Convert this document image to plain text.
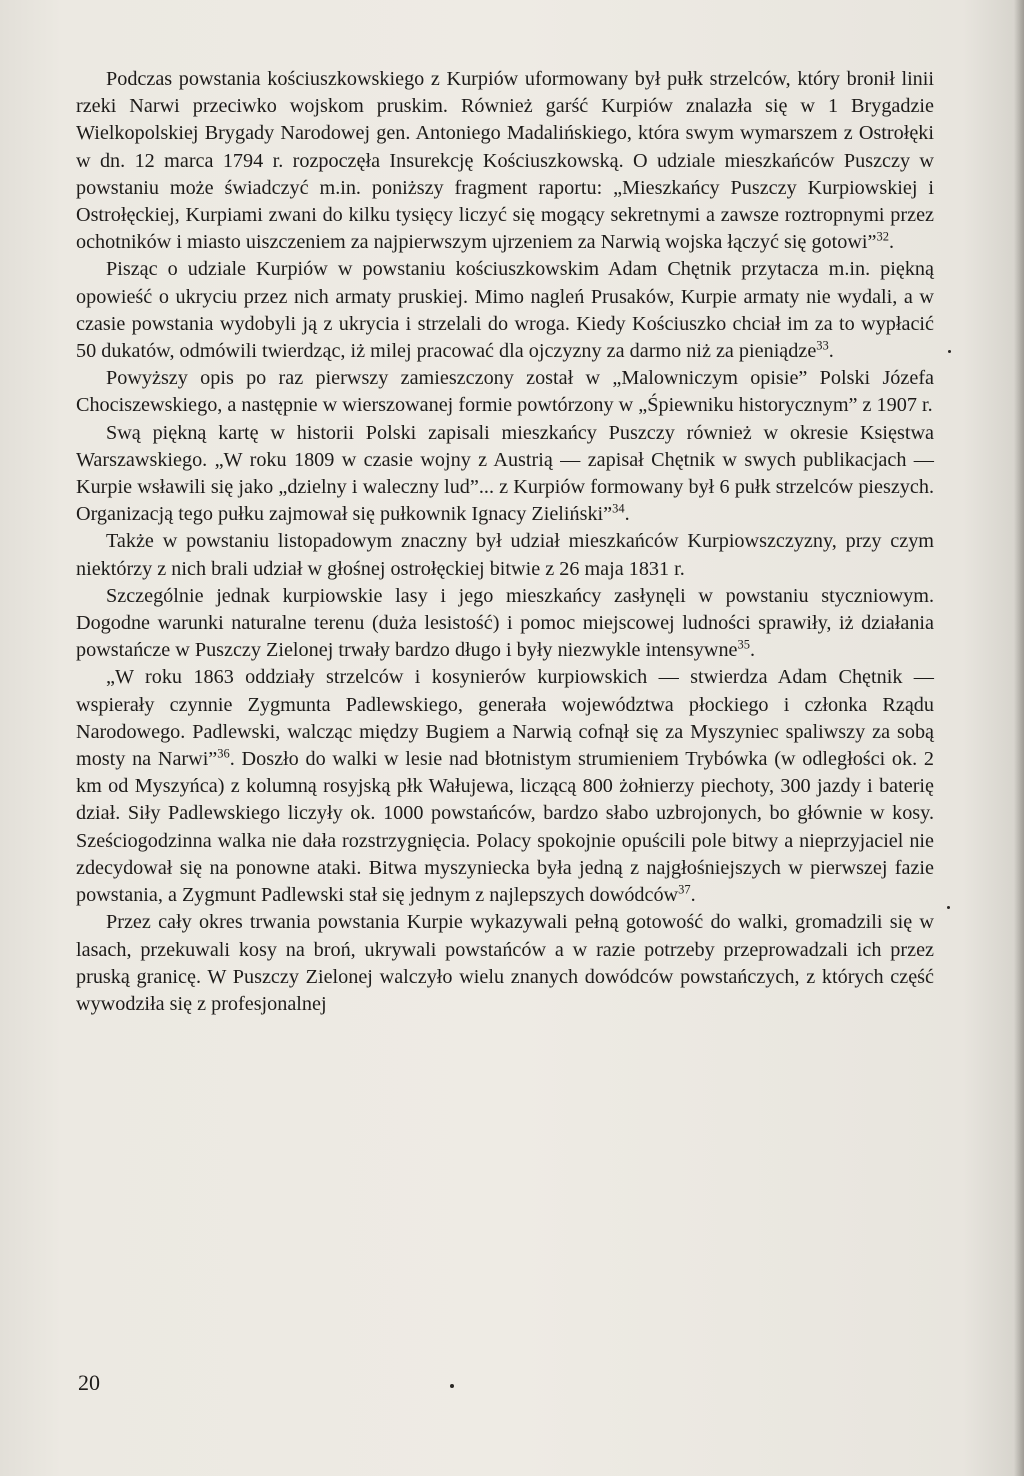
Podczas powstania kościuszkowskiego z Kurpiów uformowany był pułk strzelców, który bronił linii rzeki Narwi przeciwko wojskom pruskim. Również garść Kurpiów znalazła się w 1 Brygadzie Wielkopolskiej Brygady Narodowej gen. Antoniego Madalińskiego, która swym wymarszem z Ostrołęki w dn. 12 marca 1794 r. rozpoczęła Insurekcję Kościuszkowską. O udziale mieszkańców Puszczy w powstaniu może świadczyć m.in. poniższy fragment raportu: „Mieszkańcy Puszczy Kurpiowskiej i Ostrołęckiej, Kurpiami zwani do kilku tysięcy liczyć się mogący sekretnymi a zawsze roztropnymi przez ochotników i miasto uiszczeniem za najpierwszym ujrzeniem za Narwią wojska łączyć się gotowi”$^{32}$.

Pisząc o udziale Kurpiów w powstaniu kościuszkowskim Adam Chętnik przytacza m.in. piękną opowieść o ukryciu przez nich armaty pruskiej. Mimo nagleń Prusaków, Kurpie armaty nie wydali, a w czasie powstania wydobyli ją z ukrycia i strzelali do wroga. Kiedy Kościuszko chciał im za to wypłacić 50 dukatów, odmówili twierdząc, iż milej pracować dla ojczyzny za darmo niż za pieniądze$^{33}$.

Powyższy opis po raz pierwszy zamieszczony został w „Malowniczym opisie” Polski Józefa Chociszewskiego, a następnie w wierszowanej formie powtórzony w „Śpiewniku historycznym” z 1907 r.

Swą piękną kartę w historii Polski zapisali mieszkańcy Puszczy również w okresie Księstwa Warszawskiego. „W roku 1809 w czasie wojny z Austrią — zapisał Chętnik w swych publikacjach — Kurpie wsławili się jako „dzielny i waleczny lud”... z Kurpiów formowany był 6 pułk strzelców pieszych. Organizacją tego pułku zajmował się pułkownik Ignacy Zieliński”$^{34}$.

Także w powstaniu listopadowym znaczny był udział mieszkańców Kurpiowszczyzny, przy czym niektórzy z nich brali udział w głośnej ostrołęckiej bitwie z 26 maja 1831 r.

Szczególnie jednak kurpiowskie lasy i jego mieszkańcy zasłynęli w powstaniu styczniowym. Dogodne warunki naturalne terenu (duża lesistość) i pomoc miejscowej ludności sprawiły, iż działania powstańcze w Puszczy Zielonej trwały bardzo długo i były niezwykle intensywne$^{35}$.

„W roku 1863 oddziały strzelców i kosynierów kurpiowskich — stwierdza Adam Chętnik — wspierały czynnie Zygmunta Padlewskiego, generała województwa płockiego i członka Rządu Narodowego. Padlewski, walcząc między Bugiem a Narwią cofnął się za Myszyniec spaliwszy za sobą mosty na Narwi”$^{36}$. Doszło do walki w lesie nad błotnistym strumieniem Trybówka (w odległości ok. 2 km od Myszyńca) z kolumną rosyjską płk Wałujewa, liczącą 800 żołnierzy piechoty, 300 jazdy i baterię dział. Siły Padlewskiego liczyły ok. 1000 powstańców, bardzo słabo uzbrojonych, bo głównie w kosy. Sześciogodzinna walka nie dała rozstrzygnięcia. Polacy spokojnie opuścili pole bitwy a nieprzyjaciel nie zdecydował się na ponowne ataki. Bitwa myszyniecka była jedną z najgłośniejszych w pierwszej fazie powstania, a Zygmunt Padlewski stał się jednym z najlepszych dowódców$^{37}$.

Przez cały okres trwania powstania Kurpie wykazywali pełną gotowość do walki, gromadzili się w lasach, przekuwali kosy na broń, ukrywali powstańców a w razie potrzeby przeprowadzali ich przez pruską granicę. W Puszczy Zielonej walczyło wielu znanych dowódców powstańczych, z których część wywodziła się z profesjonalnej

20
